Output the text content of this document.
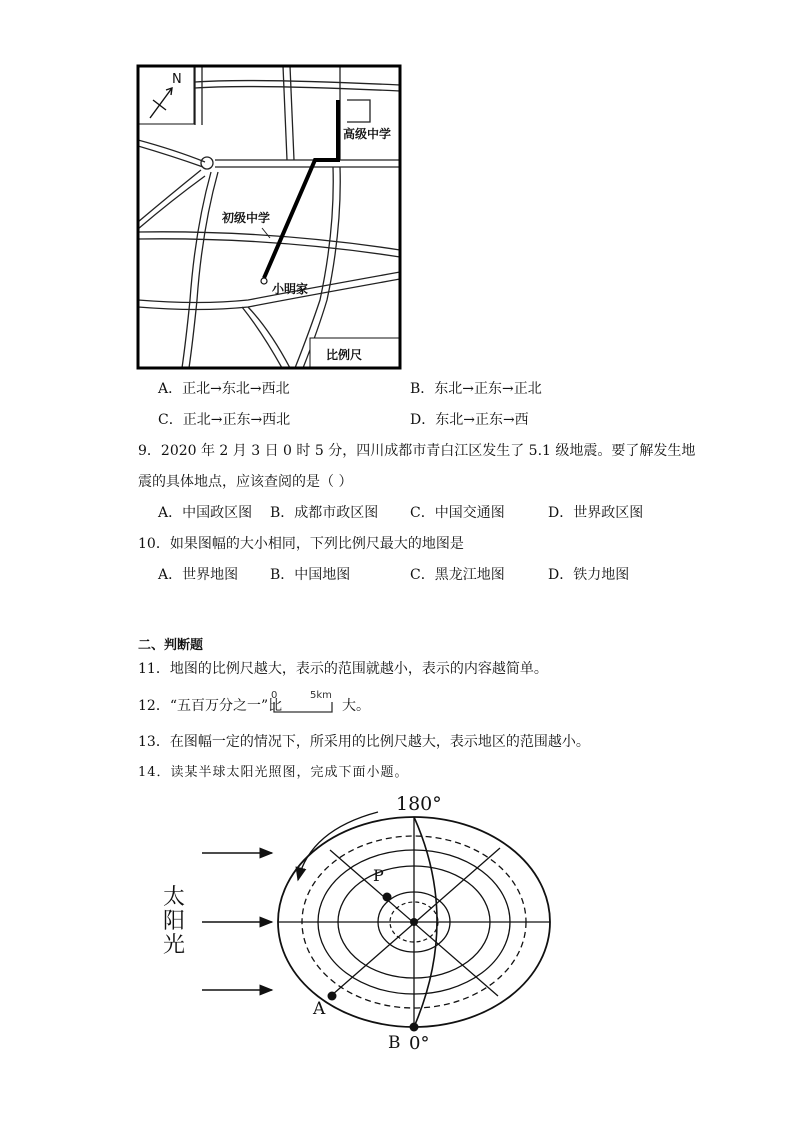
N
高级中学
初级中学
小明家
比例尺
A．正北→东北→西北	B．东北→正东→正北
C．正北→正东→西北	D．东北→正东→西
9．2020 年 2 月 3 日 0 时 5 分，四川成都市青白江区发生了 5.1 级地震。要了解发生地
震的具体地点，应该查阅的是（ ）
A．中国政区图 B．成都市政区图 C．中国交通图	D．世界政区图
10．如果图幅的大小相同，下列比例尺最大的地图是
A．世界地图 B．中国地图	C．黑龙江地图	D．铁力地图
二、判断题
11．地图的比例尺越大，表示的范围就越小，表示的内容越简单。
12．“五百万分之一”比
0	5km
大。
13．在图幅一定的情况下，所采用的比例尺越大，表示地区的范围越小。
14．读某半球太阳光照图，完成下面小题。
180°
0°
P
A
B
太
阳
光
